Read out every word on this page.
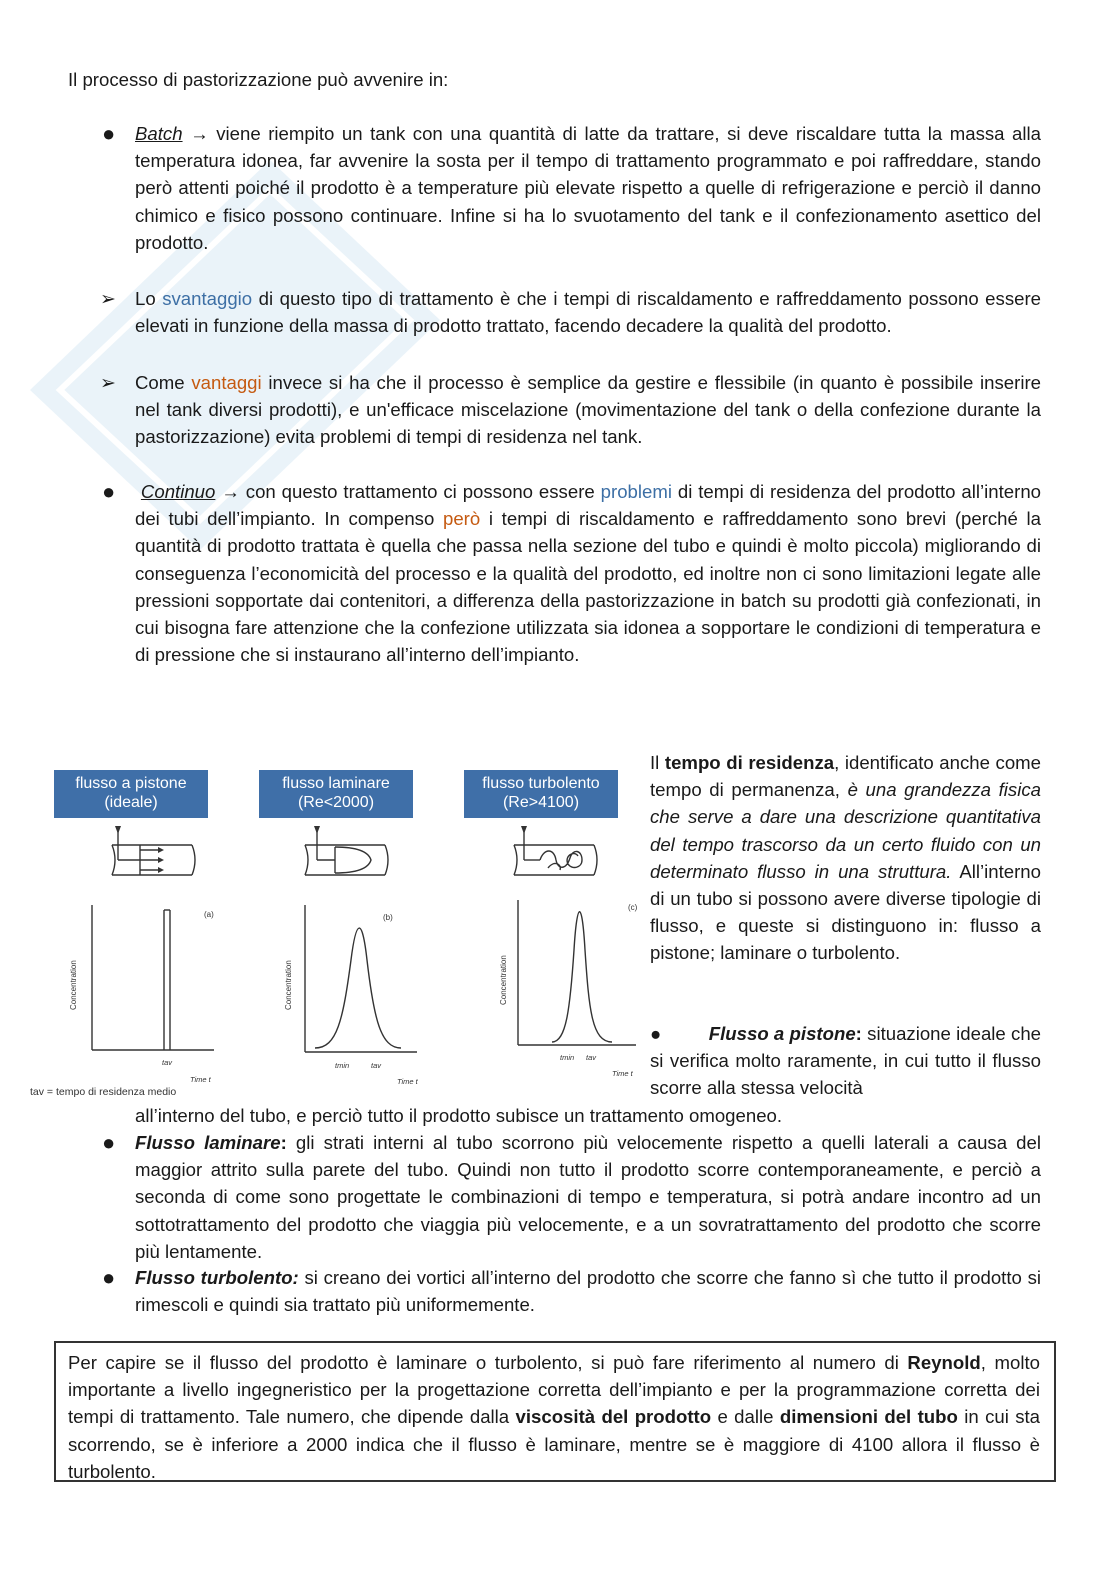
Il processo di pastorizzazione può avvenire in:

● Batch → viene riempito un tank con una quantità di latte da trattare, si deve riscaldare tutta la massa alla temperatura idonea, far avvenire la sosta per il tempo di trattamento programmato e poi raffreddare, stando però attenti poiché il prodotto è a temperature più elevate rispetto a quelle di refrigerazione e perciò il danno chimico e fisico possono continuare. Infine si ha lo svuotamento del tank e il confezionamento asettico del prodotto.

➢ Lo svantaggio di questo tipo di trattamento è che i tempi di riscaldamento e raffreddamento possono essere elevati in funzione della massa di prodotto trattato, facendo decadere la qualità del prodotto.

➢ Come vantaggi invece si ha che il processo è semplice da gestire e flessibile (in quanto è possibile inserire nel tank diversi prodotti), e un'efficace miscelazione (movimentazione del tank o della confezione durante la pastorizzazione) evita problemi di tempi di residenza nel tank.

●	Continuo → con questo trattamento ci possono essere problemi di tempi di residenza del prodotto all’interno dei tubi dell’impianto. In compenso però i tempi di riscaldamento e raffreddamento sono brevi (perché la quantità di prodotto trattata è quella che passa nella sezione del tubo e quindi è molto piccola) migliorando di conseguenza l’economicità del processo e la qualità del prodotto, ed inoltre non ci sono limitazioni legate alle pressioni sopportate dai contenitori, a differenza della pastorizzazione in batch su prodotti già confezionati, in cui bisogna fare attenzione che la confezione utilizzata sia idonea a sopportare le condizioni di temperatura e di pressione che si instaurano all’interno dell’impianto.

flusso a pistone
(ideale)
(a)
Concentration
tav
Time t
flusso laminare
(Re<2000)
(b)
Concentration
tmin	tav
Time t
flusso turbolento
(Re>4100)
(c)
Concentration
tmin tav
Time t
tav = tempo di residenza medio

Il tempo di residenza, identificato anche come tempo di permanenza, è una grandezza fisica che serve a dare una descrizione quantitativa del tempo trascorso da un certo fluido con un determinato flusso in una struttura. All’interno di un tubo si possono avere diverse tipologie di flusso, e queste si distinguono in: flusso a pistone; laminare o turbolento.

●	Flusso a pistone: situazione ideale che si verifica molto raramente, in cui tutto il flusso scorre alla stessa velocità

all’interno del tubo, e perciò tutto il prodotto subisce un trattamento omogeneo.

● Flusso laminare: gli strati interni al tubo scorrono più velocemente rispetto a quelli laterali a causa del maggior attrito sulla parete del tubo. Quindi non tutto il prodotto scorre contemporaneamente, e perciò a seconda di come sono progettate le combinazioni di tempo e temperatura, si potrà andare incontro ad un sottotrattamento del prodotto che viaggia più velocemente, e a un sovratrattamento del prodotto che scorre più lentamente.

● Flusso turbolento: si creano dei vortici all’interno del prodotto che scorre che fanno sì che tutto il prodotto si rimescoli e quindi sia trattato più uniformemente.

Per capire se il flusso del prodotto è laminare o turbolento, si può fare riferimento al numero di Reynold, molto importante a livello ingegneristico per la progettazione corretta dell’impianto e per la programmazione corretta dei tempi di trattamento. Tale numero, che dipende dalla viscosità del prodotto e dalle dimensioni del tubo in cui sta scorrendo, se è inferiore a 2000 indica che il flusso è laminare, mentre se è maggiore di 4100 allora il flusso è turbolento.
